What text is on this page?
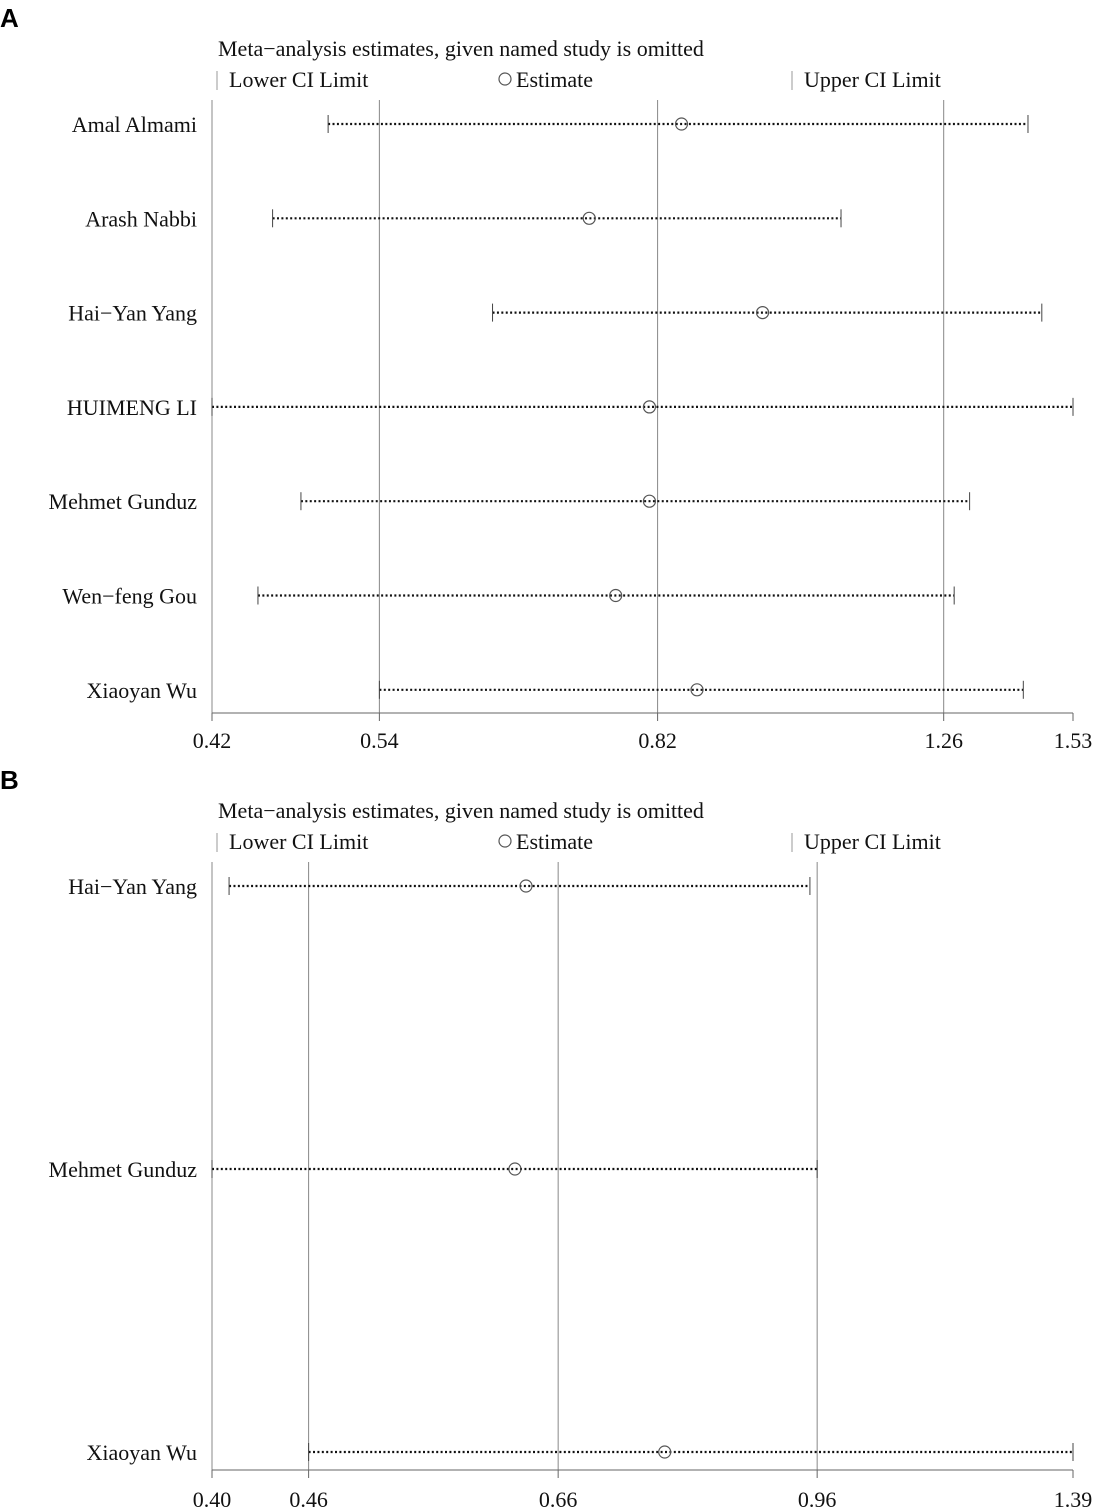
A
Meta−analysis estimates, given named study is omitted
Lower CI Limit	Estimate	Upper CI Limit
0.42	0.54	0.82	1.26	1.53
Amal Almami
Arash Nabbi
Hai−Yan Yang
HUIMENG LI
Mehmet Gunduz
Wen−feng Gou
Xiaoyan Wu
B
Meta−analysis estimates, given named study is omitted
Lower CI Limit	Estimate	Upper CI Limit
0.40	0.46	0.66	0.96	1.39
Hai−Yan Yang
Mehmet Gunduz
Xiaoyan Wu
